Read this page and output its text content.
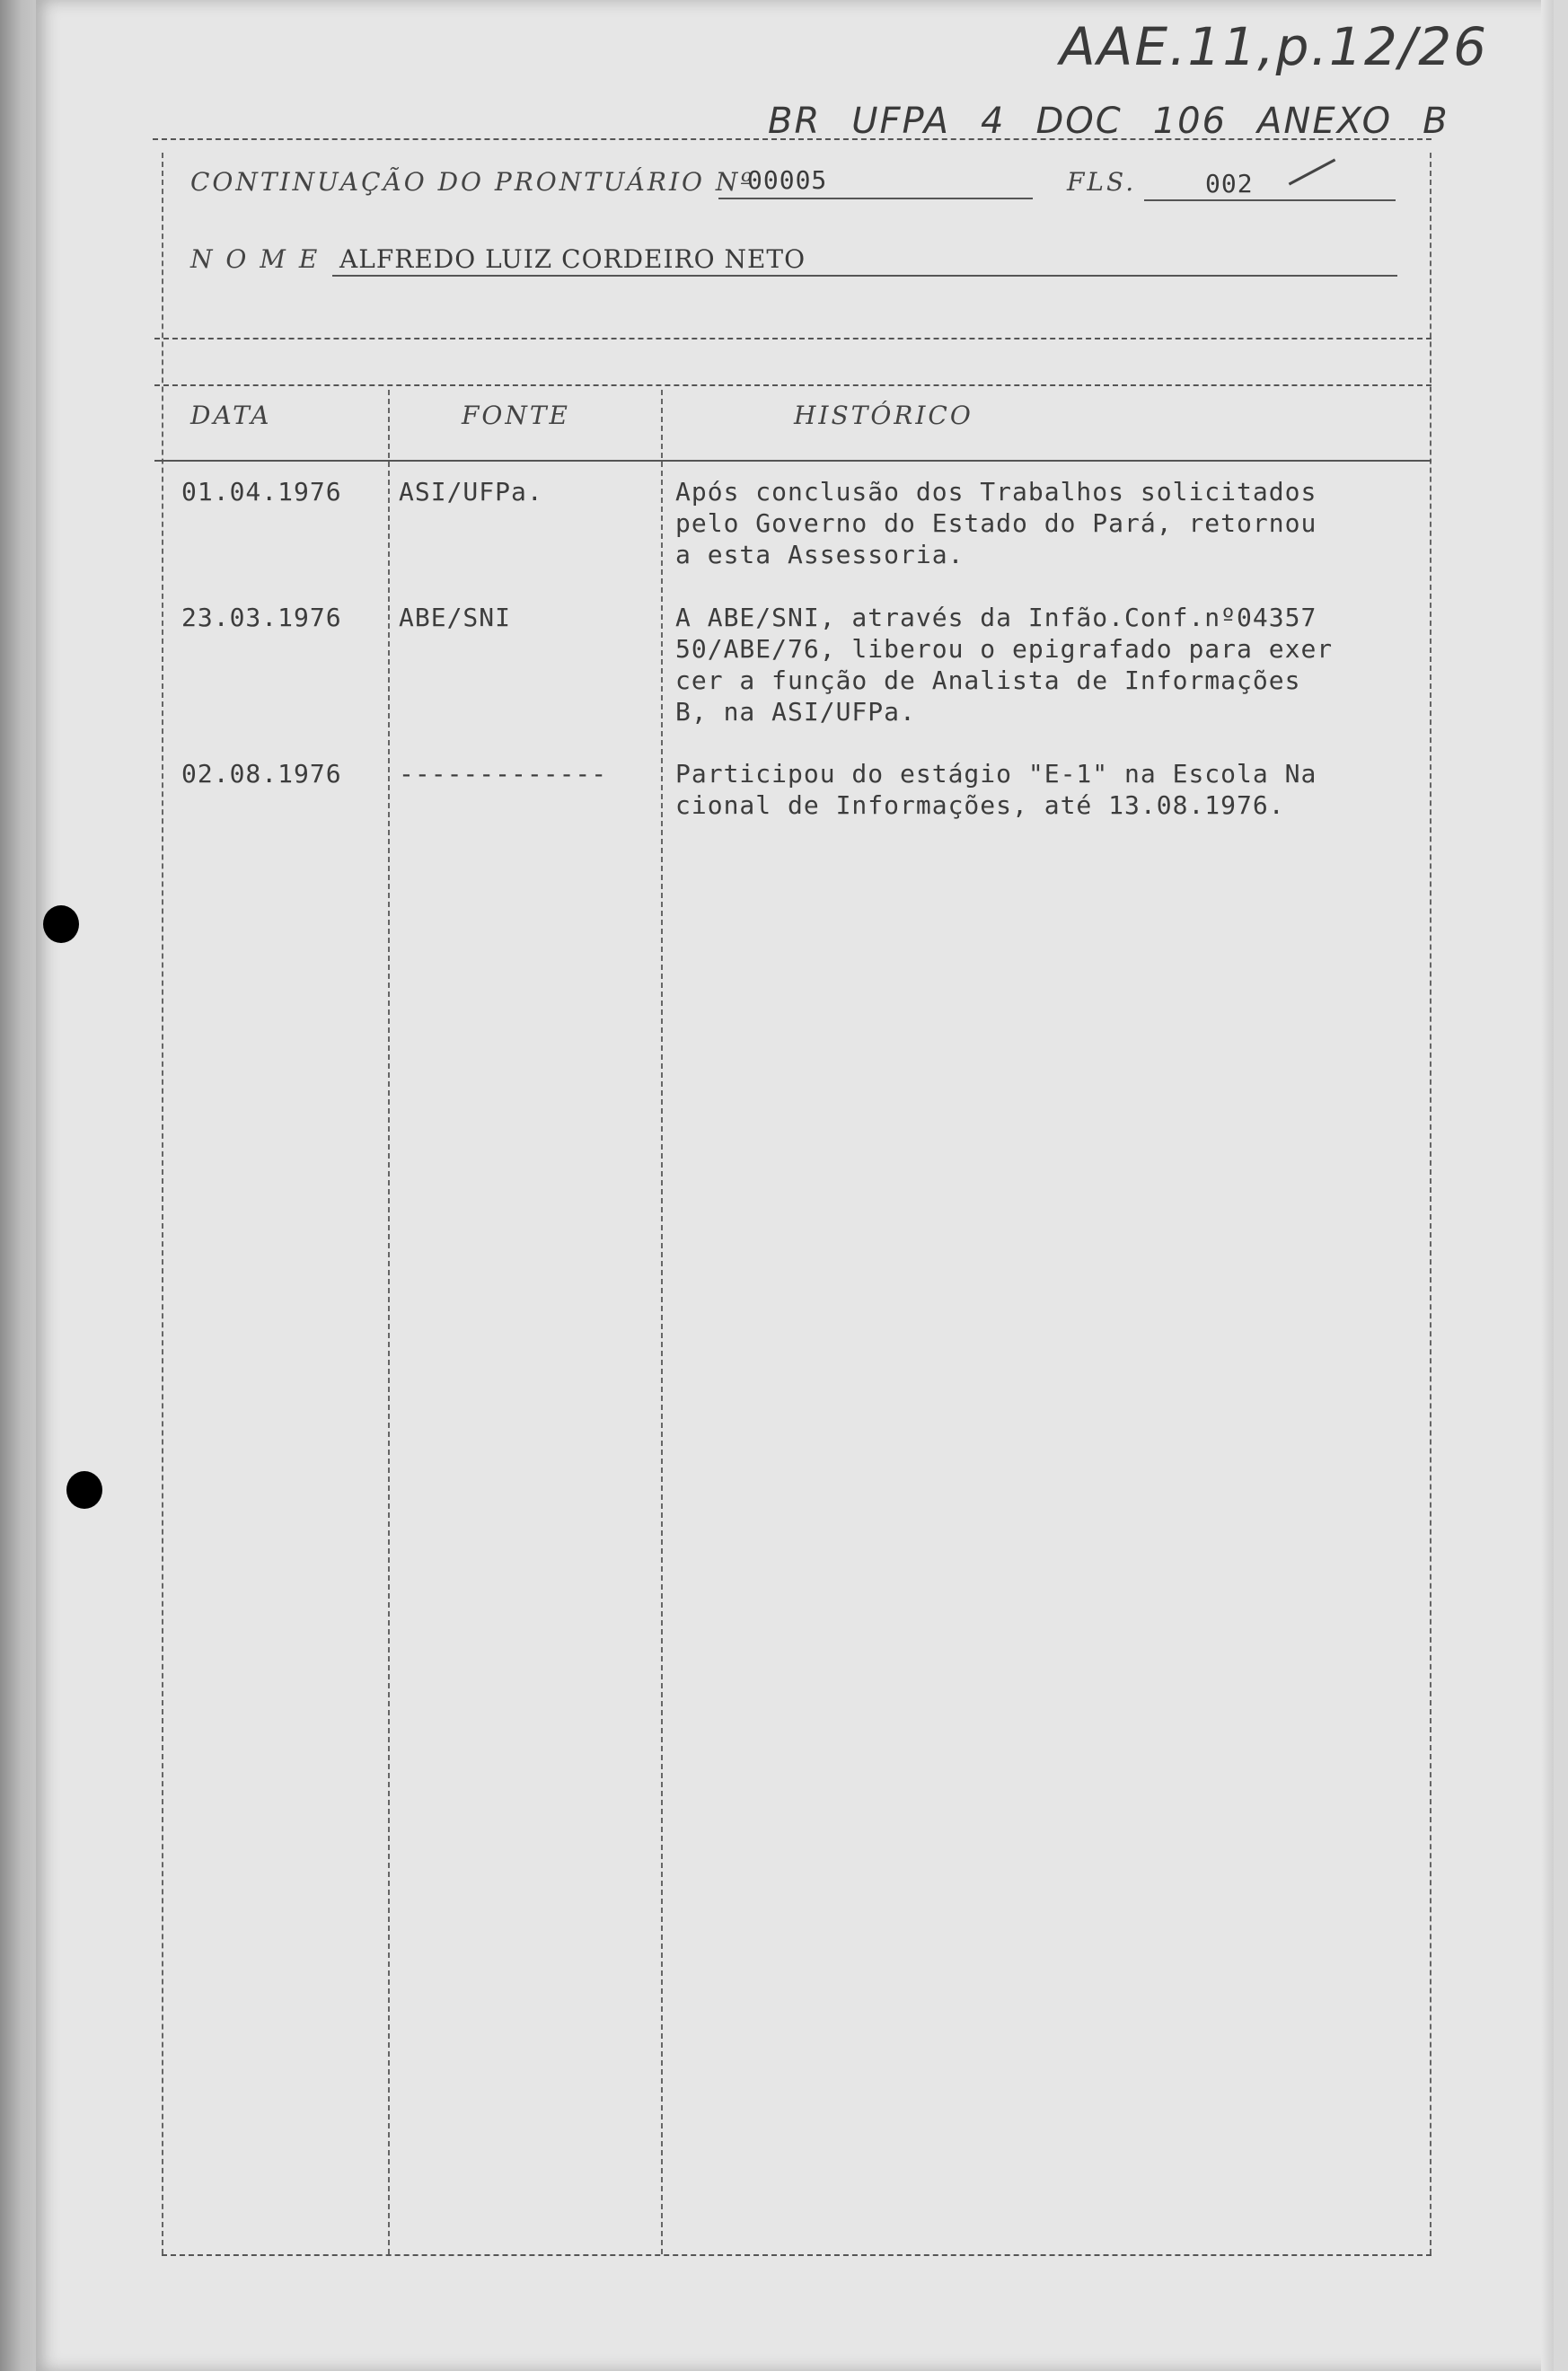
AAE.11,p.12/26
BR UFPA 4 DOC 106 ANEXO B
CONTINUAÇÃO DO PRONTUÁRIO Nº
00005	FLS.	002
N O M E ALFREDO LUIZ CORDEIRO NETO
DATA	FONTE	HISTÓRICO
01.04.1976 ASI/UFPa.	Após conclusão dos Trabalhos solicitados
pelo Governo do Estado do Pará, retornou
a esta Assessoria.
23.03.1976 ABE/SNI	A ABE/SNI, através da Infão.Conf.nº04357
50/ABE/76, liberou o epigrafado para exer
cer a função de Analista de Informações
B, na ASI/UFPa.
02.08.1976 -------------	Participou do estágio "E-1" na Escola Na
cional de Informações, até 13.08.1976.
